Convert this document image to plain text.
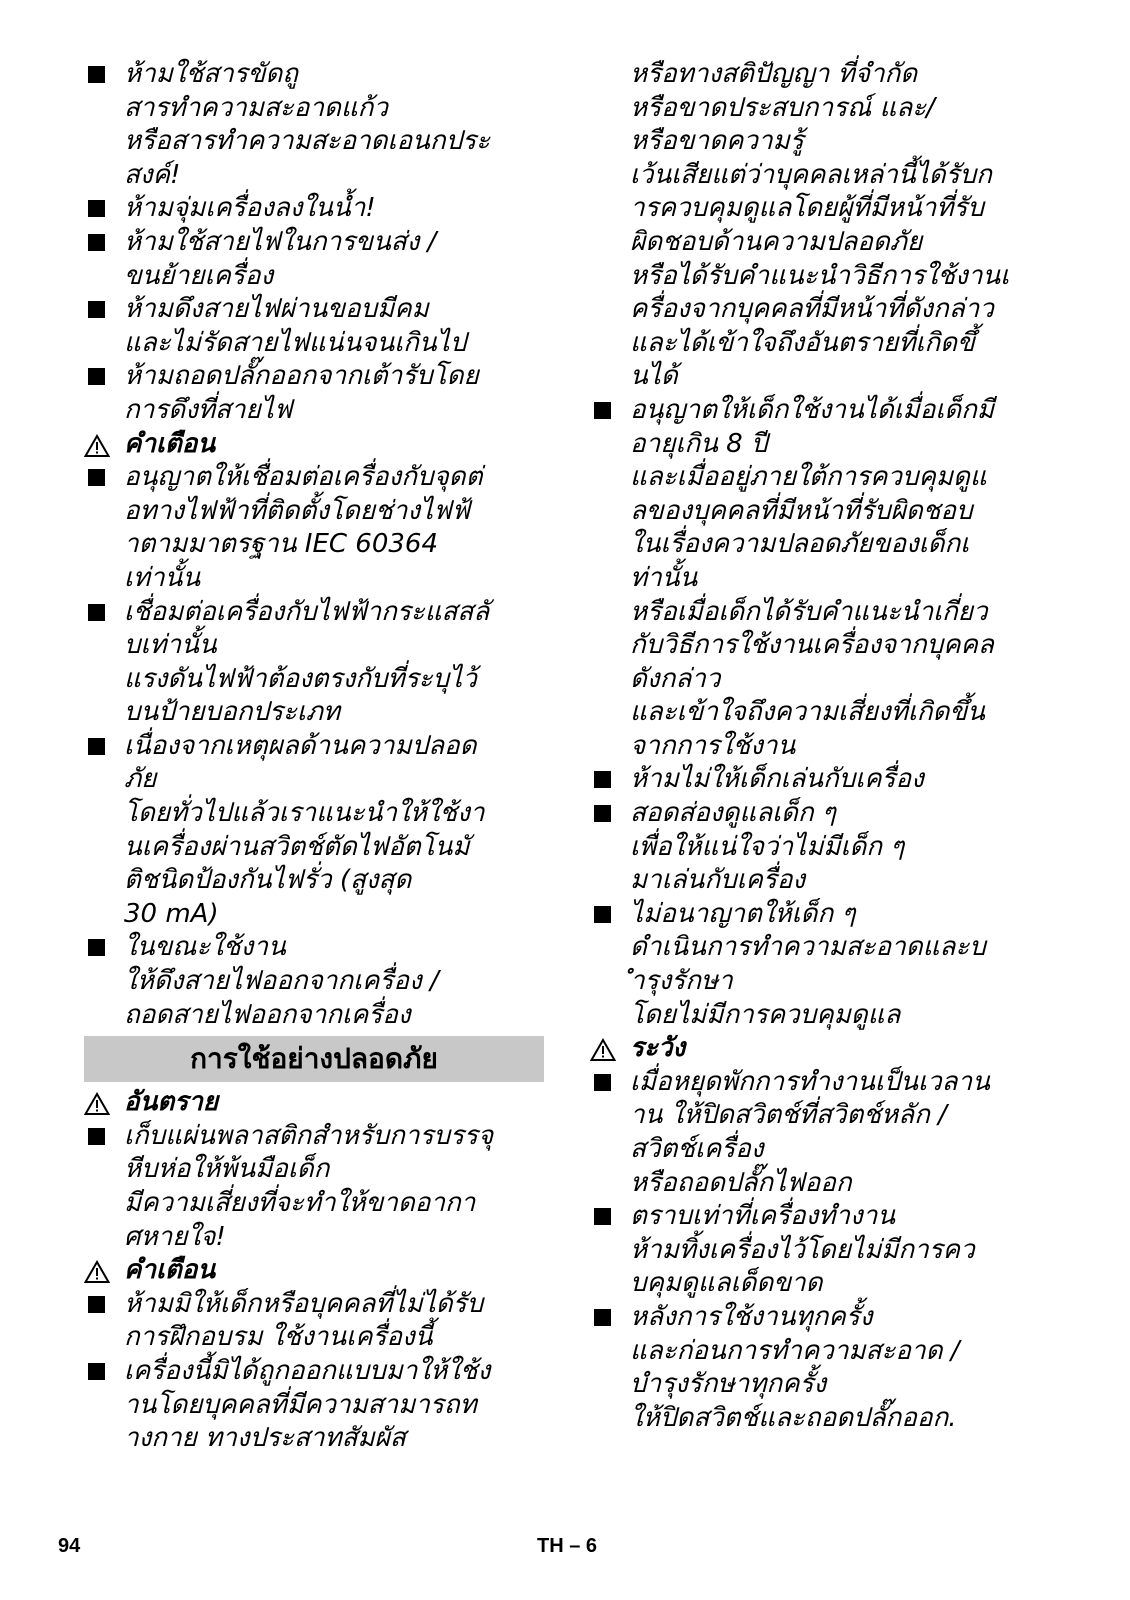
ห้ามใช้สารขัดถู
สารทำความสะอาดแก้ว
หรือสารทำความสะอาดเอนกประ
สงค์!
ห้ามจุ่มเครื่องลงในน้ำ!
ห้ามใช้สายไฟในการขนส่ง /
ขนย้ายเครื่อง
ห้ามดึงสายไฟผ่านขอบมีคม
และไม่รัดสายไฟแน่นจนเกินไป
ห้ามถอดปลั๊กออกจากเต้ารับโดย
การดึงที่สายไฟ
คำเตือน
อนุญาตให้เชื่อมต่อเครื่องกับจุดต่
อทางไฟฟ้าที่ติดตั้งโดยช่างไฟฟ้
าตามมาตรฐาน IEC 60364
เท่านั้น
เชื่อมต่อเครื่องกับไฟฟ้ากระแสสลั
บเท่านั้น
แรงดันไฟฟ้าต้องตรงกับที่ระบุไว้
บนป้ายบอกประเภท
เนื่องจากเหตุผลด้านความปลอด
ภัย
โดยทั่วไปแล้วเราแนะนำให้ใช้งา
นเครื่องผ่านสวิตช์ตัดไฟอัตโนมั
ติชนิดป้องกันไฟรั่ว (สูงสุด
30 mA)
ในขณะใช้งาน
ให้ดึงสายไฟออกจากเครื่อง /
ถอดสายไฟออกจากเครื่อง
การใช้อย่างปลอดภัย
อันตราย
เก็บแผ่นพลาสติกสำหรับการบรรจุ
หีบห่อให้พ้นมือเด็ก
มีความเสี่ยงที่จะทำให้ขาดอากา
ศหายใจ!
คำเตือน
ห้ามมิให้เด็กหรือบุคคลที่ไม่ได้รับ
การฝึกอบรม ใช้งานเครื่องนี้
เครื่องนี้มิได้ถูกออกแบบมาให้ใช้ง
านโดยบุคคลที่มีความสามารถท
างกาย ทางประสาทสัมผัส
หรือทางสติปัญญา ที่จำกัด
หรือขาดประสบการณ์ และ/
หรือขาดความรู้
เว้นเสียแต่ว่าบุคคลเหล่านี้ได้รับก
ารควบคุมดูแลโดยผู้ที่มีหน้าที่รับ
ผิดชอบด้านความปลอดภัย
หรือได้รับคำแนะนำวิธีการใช้งานเ
ครื่องจากบุคคลที่มีหน้าที่ดังกล่าว
และได้เข้าใจถึงอันตรายที่เกิดขึ้
นได้
อนุญาตให้เด็กใช้งานได้เมื่อเด็กมี
อายุเกิน 8 ปี
และเมื่ออยู่ภายใต้การควบคุมดูแ
ลของบุคคลที่มีหน้าที่รับผิดชอบ
ในเรื่องความปลอดภัยของเด็กเ
ท่านั้น
หรือเมื่อเด็กได้รับคำแนะนำเกี่ยว
กับวิธีการใช้งานเครื่องจากบุคคล
ดังกล่าว
และเข้าใจถึงความเสี่ยงที่เกิดขึ้น
จากการใช้งาน
ห้ามไม่ให้เด็กเล่นกับเครื่อง
สอดส่องดูแลเด็ก ๆ
เพื่อให้แน่ใจว่าไม่มีเด็ก ๆ
มาเล่นกับเครื่อง
ไม่อนาญาตให้เด็ก ๆ
ดำเนินการทำความสะอาดและบ
ำรุงรักษา
โดยไม่มีการควบคุมดูแล
ระวัง
เมื่อหยุดพักการทำงานเป็นเวลาน
าน ให้ปิดสวิตช์ที่สวิตช์หลัก /
สวิตช์เครื่อง
หรือถอดปลั๊กไฟออก
ตราบเท่าที่เครื่องทำงาน
ห้ามทิ้งเครื่องไว้โดยไม่มีการคว
บคุมดูแลเด็ดขาด
หลังการใช้งานทุกครั้ง
และก่อนการทำความสะอาด /
บำรุงรักษาทุกครั้ง
ให้ปิดสวิตช์และถอดปลั๊กออก.
94	TH – 6
